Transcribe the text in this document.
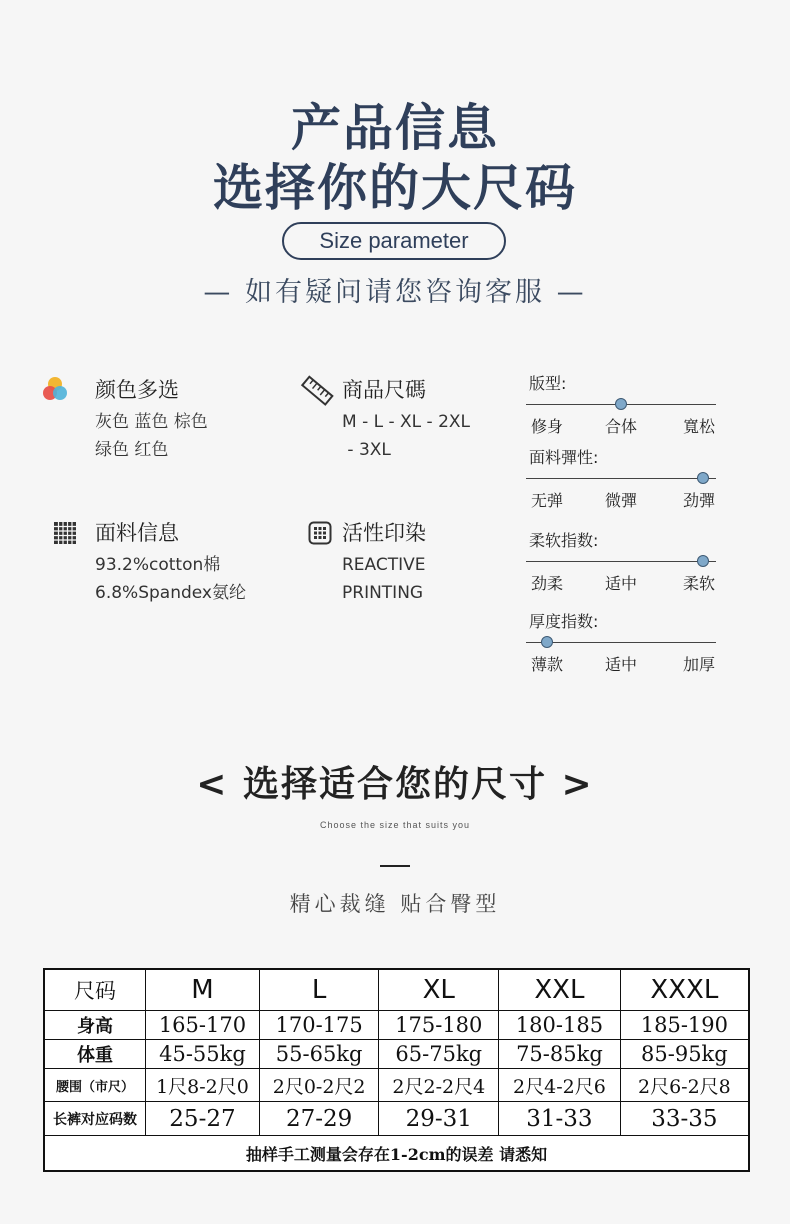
产品信息
选择你的大尺码
Size parameter
— 如有疑问请您咨询客服 —
颜色多选
灰色 蓝色 棕色
绿色 红色
商品尺碼
M - L - XL - 2XL
- 3XL
面料信息
93.2%cotton棉
6.8%Spandex氨纶
活性印染
REACTIVE
PRINTING
版型:
修身	合体	寬松
面料彈性:
无弹	微彈	劲彈
柔软指数:
劲柔	适中	柔软
厚度指数:
薄款	适中	加厚
< 选择适合您的尺寸 >
Choose the size that suits you
精心裁缝 贴合臀型
尺码	M	L	XL	XXL	XXXL
身高	165-170	170-175	175-180	180-185	185-190
体重	45-55kg	55-65kg	65-75kg	75-85kg	85-95kg
腰围（市尺）	1尺8-2尺0	2尺0-2尺2	2尺2-2尺4	2尺4-2尺6	2尺6-2尺8
长裤对应码数	25-27	27-29	29-31	31-33	33-35
抽样手工测量会存在1-2cm的误差 请悉知					
